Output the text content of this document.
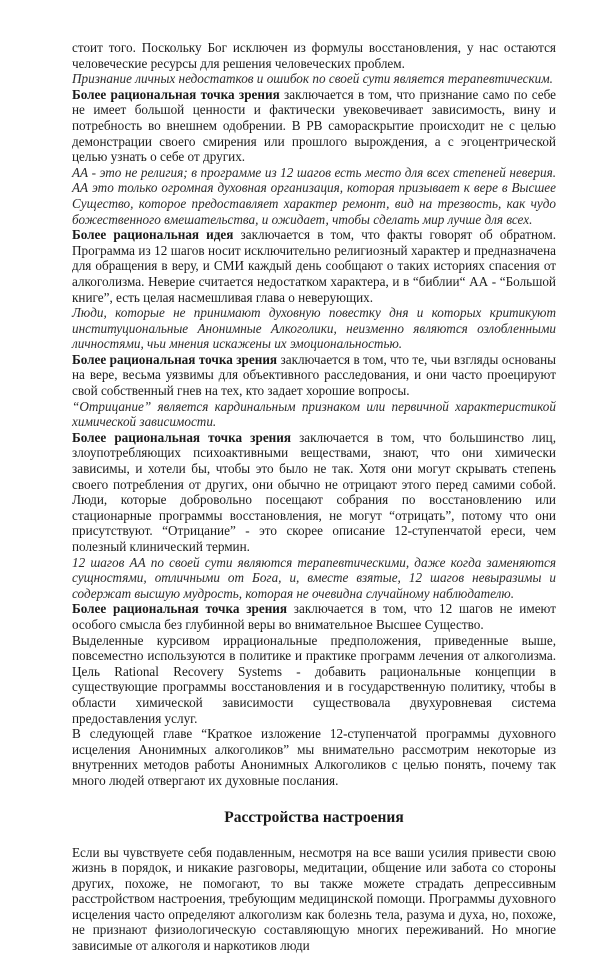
стоит того. Поскольку Бог исключен из формулы восстановления, у нас остаются человеческие ресурсы для решения человеческих проблем.

Признание личных недостатков и ошибок по своей сути является терапевтическим.

Более рациональная точка зрения заключается в том, что признание само по себе не имеет большой ценности и фактически увековечивает зависимость, вину и потребность во внешнем одобрении. В РВ самораскрытие происходит не с целью демонстрации своего смирения или прошлого вырождения, а с эгоцентрической целью узнать о себе от других.

АА - это не религия; в программе из 12 шагов есть место для всех степеней неверия. АА это только огромная духовная организация, которая призывает к вере в Высшее Существо, которое предоставляет характер ремонт, вид на трезвость, как чудо божественного вмешательства, и ожидает, чтобы сделать мир лучше для всех.

Более рациональная идея заключается в том, что факты говорят об обратном. Программа из 12 шагов носит исключительно религиозный характер и предназначена для обращения в веру, и СМИ каждый день сообщают о таких историях спасения от алкоголизма. Неверие считается недостатком характера, и в “библии“ АА - “Большой книге”, есть целая насмешливая глава о неверующих.

Люди, которые не принимают духовную повестку дня и которых критикуют институциональные Анонимные Алкоголики, неизменно являются озлобленными личностями, чьи мнения искажены их эмоциональностью.

Более рациональная точка зрения заключается в том, что те, чьи взгляды основаны на вере, весьма уязвимы для объективного расследования, и они часто проецируют свой собственный гнев на тех, кто задает хорошие вопросы.

“Отрицание” является кардинальным признаком или первичной характеристикой химической зависимости.

Более рациональная точка зрения заключается в том, что большинство лиц, злоупотребляющих психоактивными веществами, знают, что они химически зависимы, и хотели бы, чтобы это было не так. Хотя они могут скрывать степень своего потребления от других, они обычно не отрицают этого перед самими собой. Люди, которые добровольно посещают собрания по восстановлению или стационарные программы восстановления, не могут “отрицать”, потому что они присутствуют. “Отрицание” - это скорее описание 12-ступенчатой ереси, чем полезный клинический термин.

12 шагов АА по своей сути являются терапевтическими, даже когда заменяются сущностями, отличными от Бога, и, вместе взятые, 12 шагов невыразимы и содержат высшую мудрость, которая не очевидна случайному наблюдателю.

Более рациональная точка зрения заключается в том, что 12 шагов не имеют особого смысла без глубинной веры во внимательное Высшее Существо.

Выделенные курсивом иррациональные предположения, приведенные выше, повсеместно используются в политике и практике программ лечения от алкоголизма. Цель Rational Recovery Systems - добавить рациональные концепции в существующие программы восстановления и в государственную политику, чтобы в области химической зависимости существовала двухуровневая система предоставления услуг.

В следующей главе “Краткое изложение 12-ступенчатой программы духовного исцеления Анонимных алкоголиков” мы внимательно рассмотрим некоторые из внутренних методов работы Анонимных Алкоголиков с целью понять, почему так много людей отвергают их духовные послания.

Расстройства настроения

Если вы чувствуете себя подавленным, несмотря на все ваши усилия привести свою жизнь в порядок, и никакие разговоры, медитации, общение или забота со стороны других, похоже, не помогают, то вы также можете страдать депрессивным расстройством настроения, требующим медицинской помощи. Программы духовного исцеления часто определяют алкоголизм как болезнь тела, разума и духа, но, похоже, не признают физиологическую составляющую многих переживаний. Но многие зависимые от алкоголя и наркотиков люди
